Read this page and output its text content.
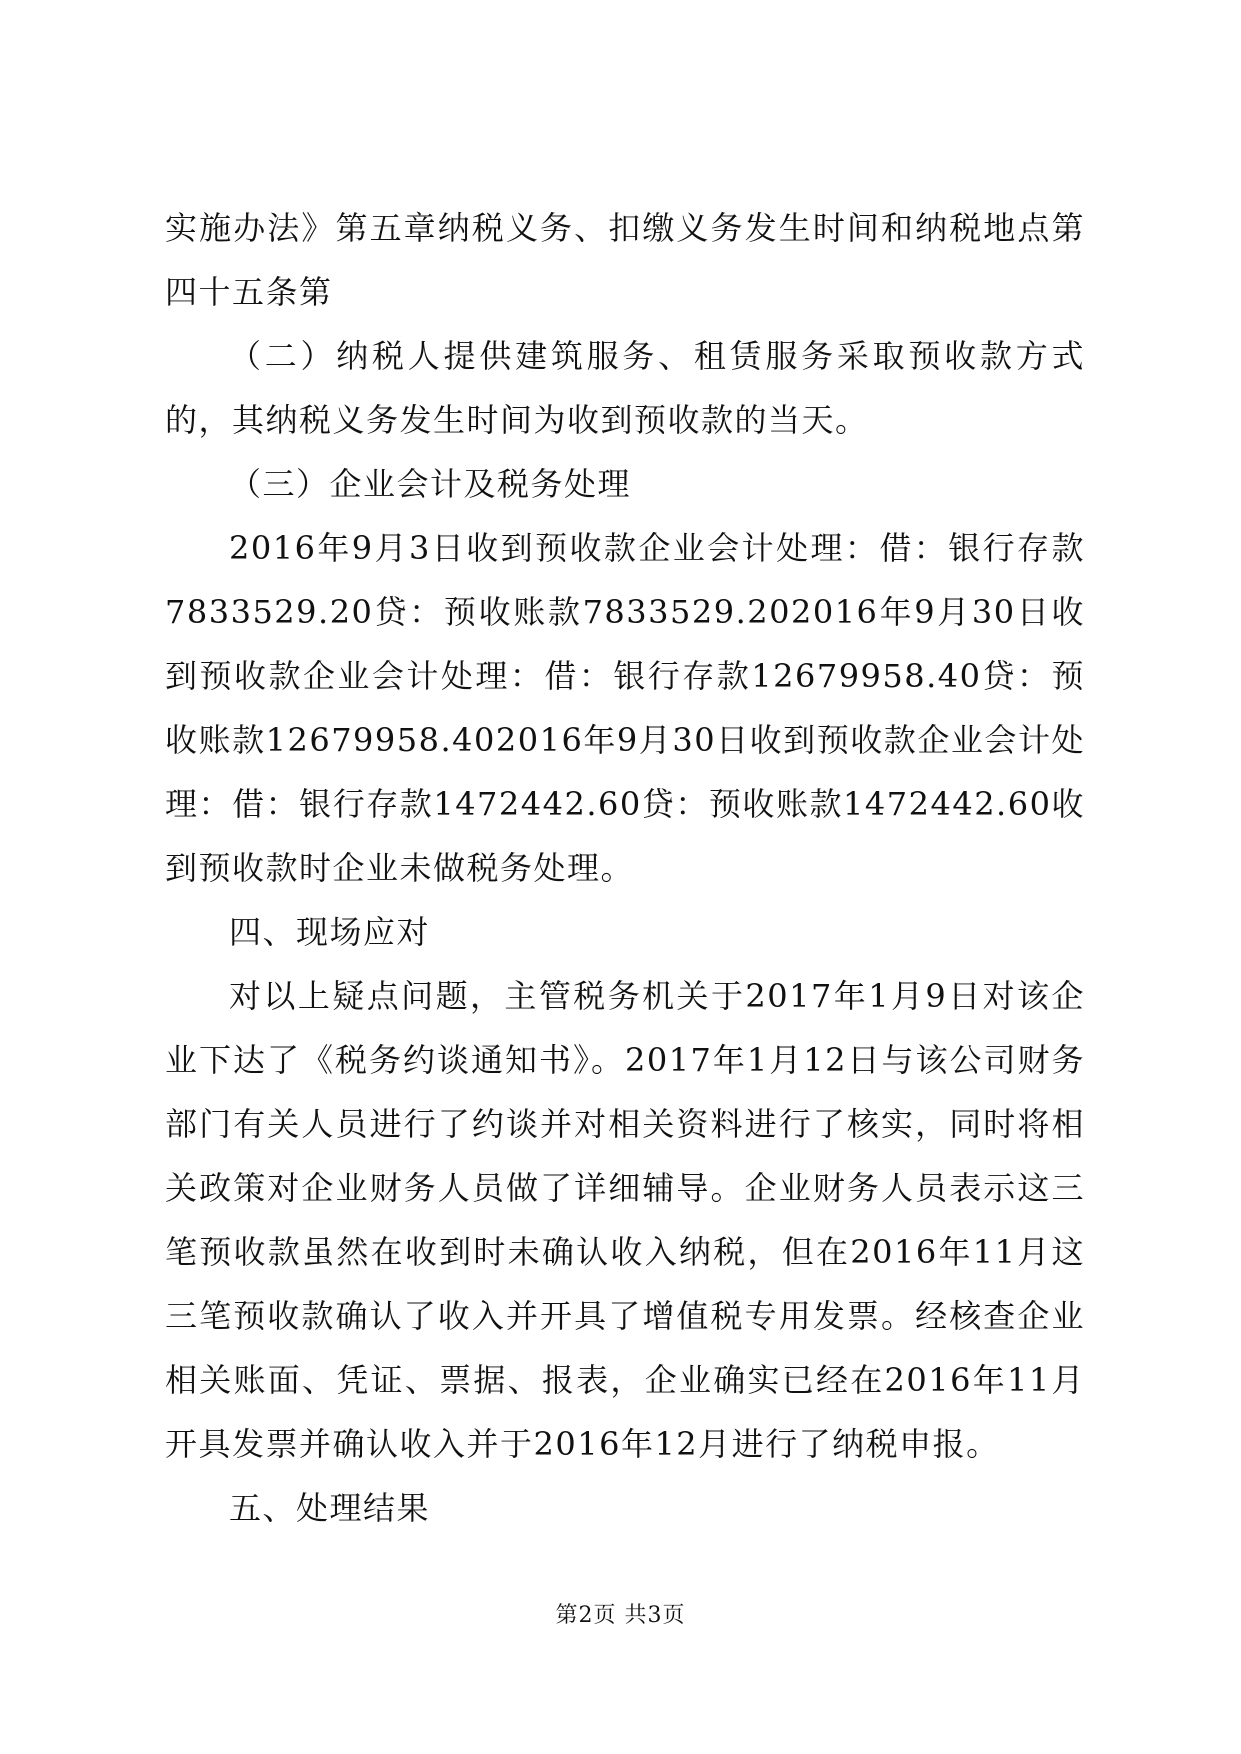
实施办法》第五章纳税义务、扣缴义务发生时间和纳税地点第四十五条第

（二）纳税人提供建筑服务、租赁服务采取预收款方式的，其纳税义务发生时间为收到预收款的当天。

（三）企业会计及税务处理

2016年9月3日收到预收款企业会计处理：借：银行存款7833529.20贷：预收账款7833529.202016年9月30日收到预收款企业会计处理：借：银行存款12679958.40贷：预收账款12679958.402016年9月30日收到预收款企业会计处理：借：银行存款1472442.60贷：预收账款1472442.60收到预收款时企业未做税务处理。

四、现场应对

对以上疑点问题，主管税务机关于2017年1月9日对该企业下达了《税务约谈通知书》。2017年1月12日与该公司财务部门有关人员进行了约谈并对相关资料进行了核实，同时将相关政策对企业财务人员做了详细辅导。企业财务人员表示这三笔预收款虽然在收到时未确认收入纳税，但在2016年11月这三笔预收款确认了收入并开具了增值税专用发票。经核查企业相关账面、凭证、票据、报表，企业确实已经在2016年11月开具发票并确认收入并于2016年12月进行了纳税申报。

五、处理结果

第2页 共3页
